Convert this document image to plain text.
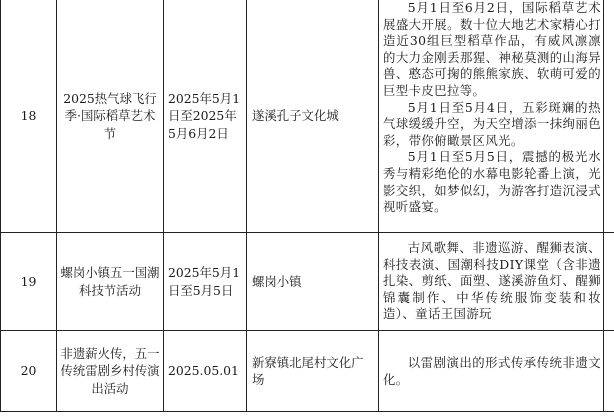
18
2025热气球飞行季·国际稻草艺术节
2025年5月1日至2025年5月6月2日
遂溪孔子文化城

5月1日至6月2日，国际稻草艺术展盛大开展。数十位大地艺术家精心打造近30组巨型稻草作品，有威风凛凛的大力金刚丢那猩、神秘莫测的山海异兽、憨态可掬的熊熊家族、软萌可爱的巨型卡皮巴拉等。

5月1日至5月4日，五彩斑斓的热气球缓缓升空，为天空增添一抹绚丽色彩，带你俯瞰景区风光。

5月1日至5月5日，震撼的极光水秀与精彩绝伦的水幕电影轮番上演，光影交织，如梦似幻，为游客打造沉浸式视听盛宴。

19
螺岗小镇五一国潮科技节活动
2025年5月1日至5月5日
螺岗小镇

古风歌舞、非遗巡游、醒狮表演、科技表演、国潮科技DIY课堂（含非遗扎染、剪纸、面塑、遂溪游鱼灯、醒狮锦囊制作、中华传统服饰变装和妆造）、童话王国游玩

20
非遗薪火传，五一传统雷剧乡村传演出活动
2025.05.01
新寮镇北尾村文化广场

以雷剧演出的形式传承传统非遗文化。
